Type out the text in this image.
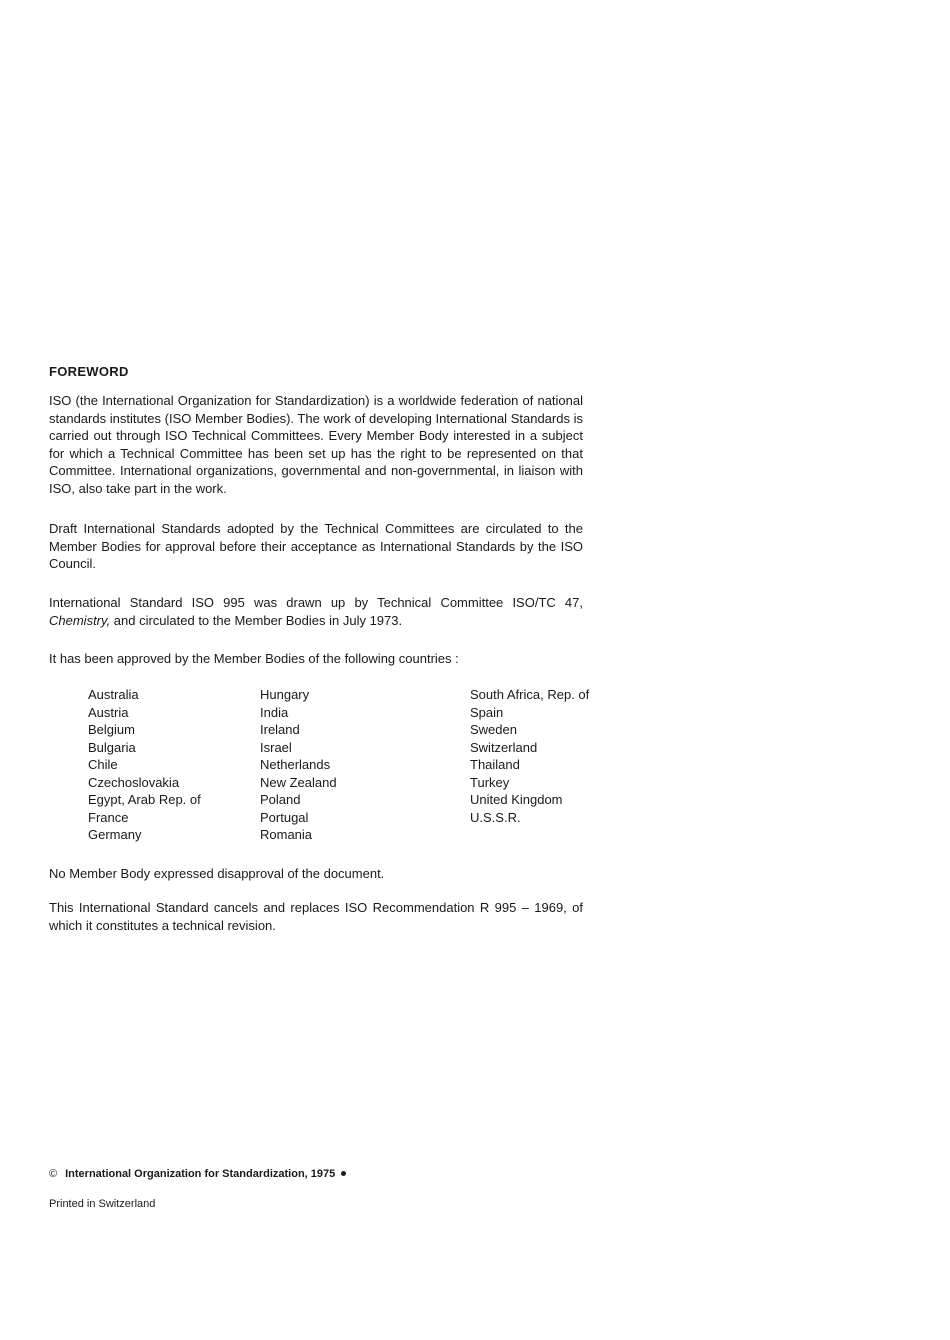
FOREWORD

ISO (the International Organization for Standardization) is a worldwide federation of national standards institutes (ISO Member Bodies). The work of developing International Standards is carried out through ISO Technical Committees. Every Member Body interested in a subject for which a Technical Committee has been set up has the right to be represented on that Committee. International organizations, governmental and non-governmental, in liaison with ISO, also take part in the work.

Draft International Standards adopted by the Technical Committees are circulated to the Member Bodies for approval before their acceptance as International Standards by the ISO Council.

International Standard ISO 995 was drawn up by Technical Committee ISO/TC 47, Chemistry, and circulated to the Member Bodies in July 1973.

It has been approved by the Member Bodies of the following countries :

Australia
Austria
Belgium
Bulgaria
Chile
Czechoslovakia
Egypt, Arab Rep. of
France
Germany
Hungary
India
Ireland
Israel
Netherlands
New Zealand
Poland
Portugal
Romania
South Africa, Rep. of
Spain
Sweden
Switzerland
Thailand
Turkey
United Kingdom
U.S.S.R.

No Member Body expressed disapproval of the document.

This International Standard cancels and replaces ISO Recommendation R 995 – 1969, of which it constitutes a technical revision.

© International Organization for Standardization, 1975
Printed in Switzerland
